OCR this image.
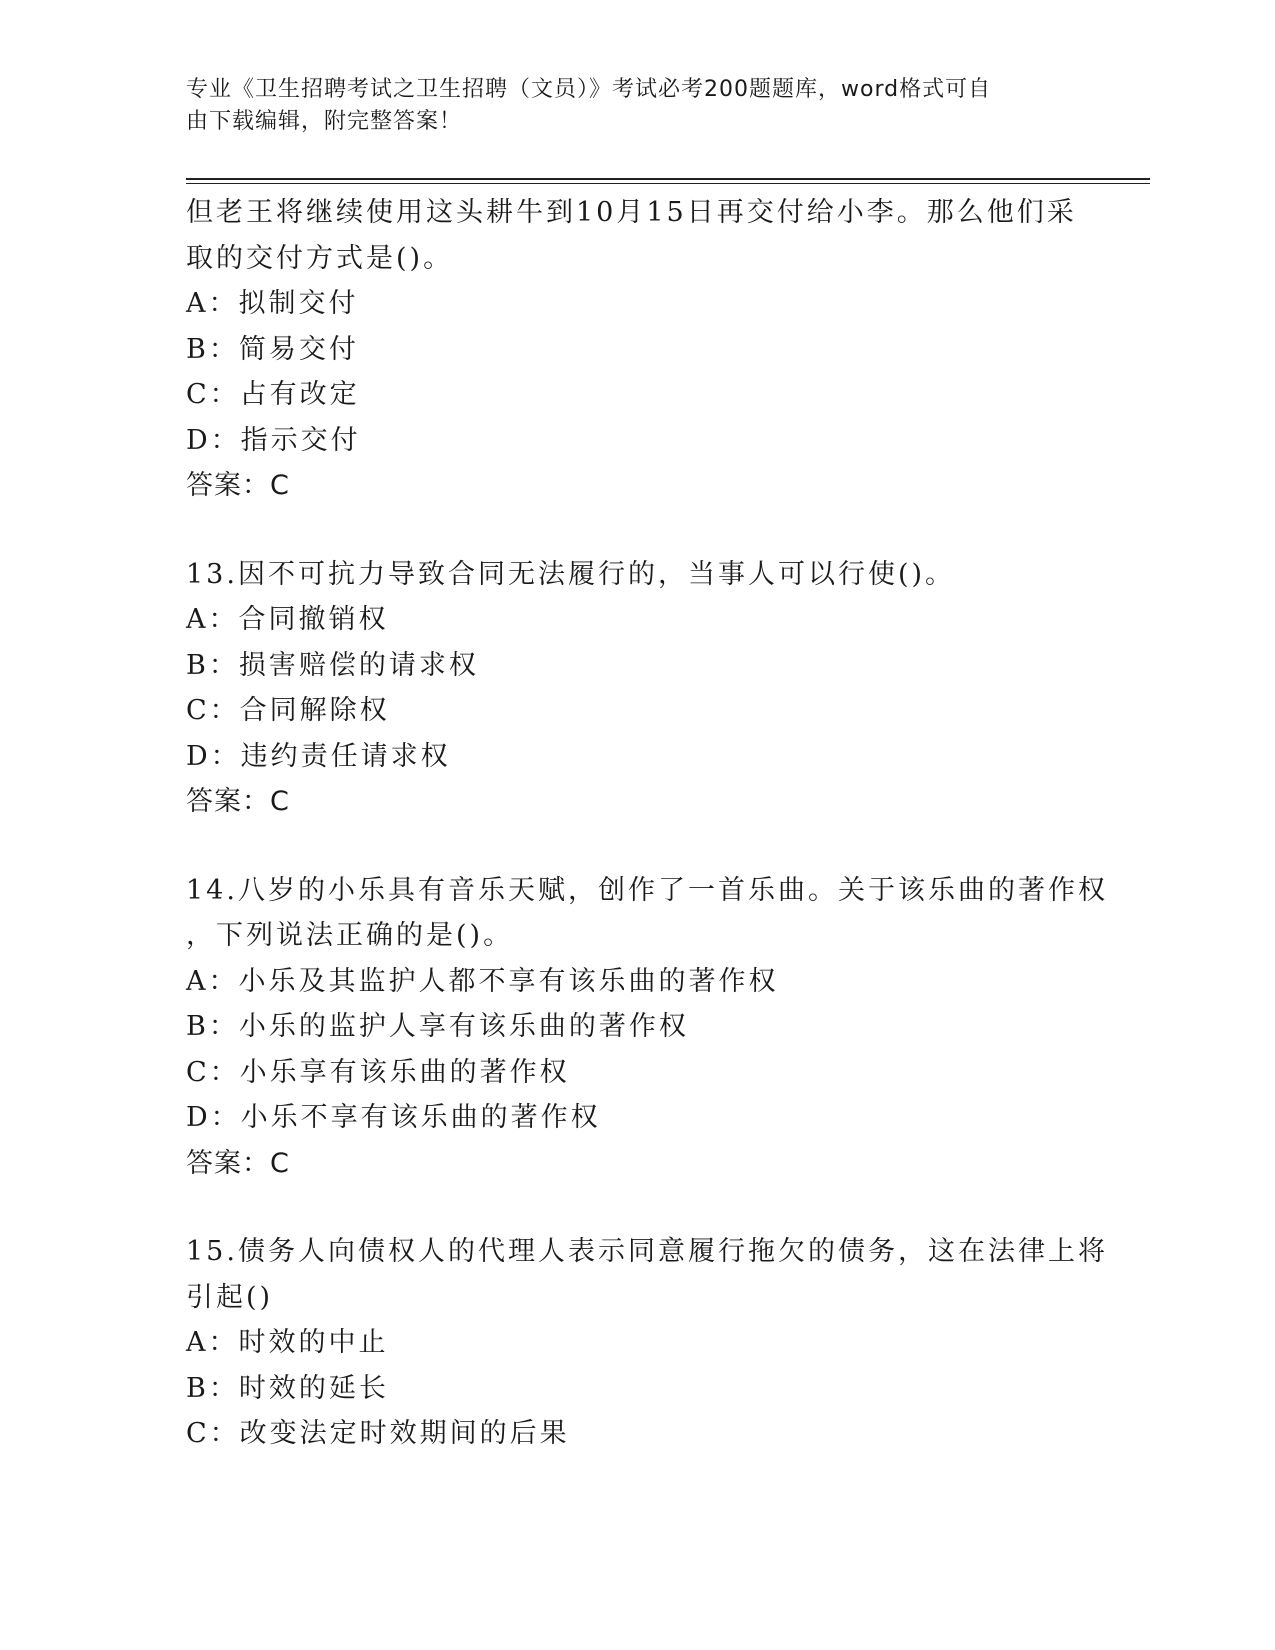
专业《卫生招聘考试之卫生招聘（文员）》考试必考200题题库，word格式可自
由下载编辑，附完整答案！
但老王将继续使用这头耕牛到10月15日再交付给小李。那么他们采
取的交付方式是()。
A：拟制交付
B：简易交付
C：占有改定
D：指示交付
答案：C
13.因不可抗力导致合同无法履行的，当事人可以行使()。
A：合同撤销权
B：损害赔偿的请求权
C：合同解除权
D：违约责任请求权
答案：C
14.八岁的小乐具有音乐天赋，创作了一首乐曲。关于该乐曲的著作权
，下列说法正确的是()。
A：小乐及其监护人都不享有该乐曲的著作权
B：小乐的监护人享有该乐曲的著作权
C：小乐享有该乐曲的著作权
D：小乐不享有该乐曲的著作权
答案：C
15.债务人向债权人的代理人表示同意履行拖欠的债务，这在法律上将
引起()
A：时效的中止
B：时效的延长
C：改变法定时效期间的后果
